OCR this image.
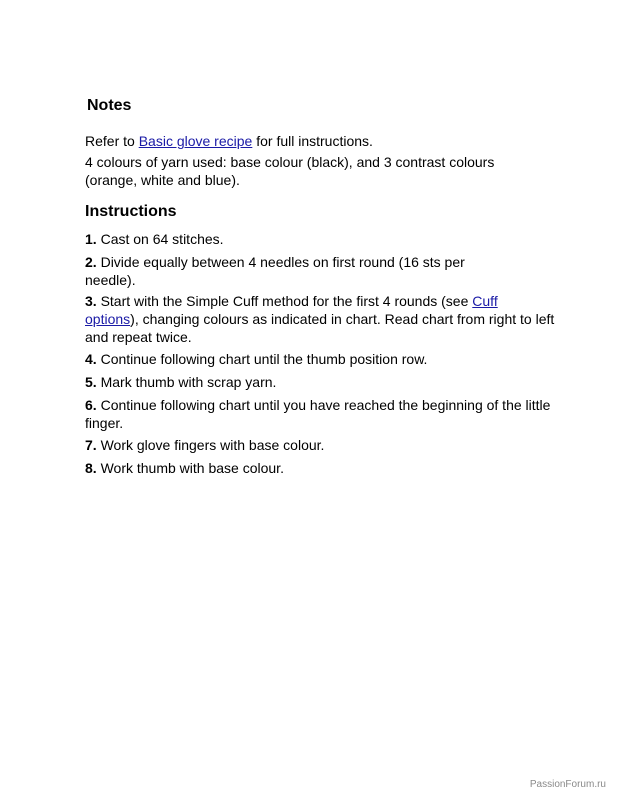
Notes

Refer to Basic glove recipe for full instructions.

4 colours of yarn used: base colour (black), and 3 contrast colours (orange, white and blue).

Instructions

1. Cast on 64 stitches.

2. Divide equally between 4 needles on first round (16 sts per needle).

3. Start with the Simple Cuff method for the first 4 rounds (see Cuff options), changing colours as indicated in chart. Read chart from right to left and repeat twice.

4. Continue following chart until the thumb position row.

5. Mark thumb with scrap yarn.

6. Continue following chart until you have reached the beginning of the little finger.

7. Work glove fingers with base colour.

8. Work thumb with base colour.

PassionForum.ru
